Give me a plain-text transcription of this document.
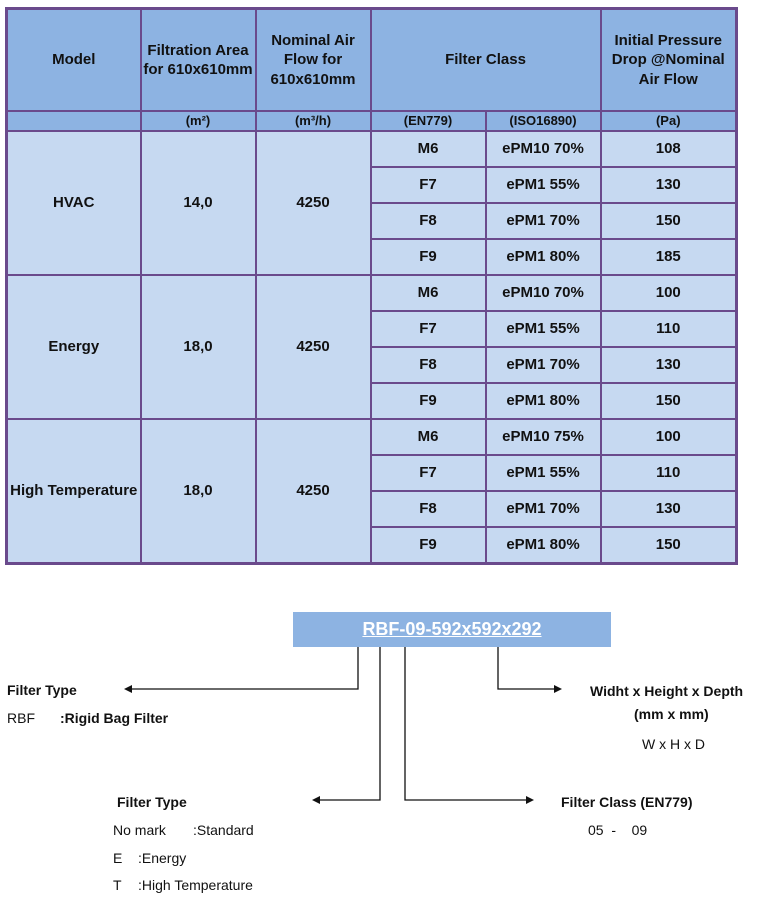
Model	Filtration Area for 610x610mm	Nominal Air Flow for 610x610mm	Filter Class		Initial Pressure Drop @Nominal Air Flow
	(m²)	(m³/h)	(EN779)	(ISO16890)	(Pa)
HVAC	14,0	4250	M6	ePM10 70%	108
			F7	ePM1 55%	130
			F8	ePM1 70%	150
			F9	ePM1 80%	185
Energy	18,0	4250	M6	ePM10 70%	100
			F7	ePM1 55%	110
			F8	ePM1 70%	130
			F9	ePM1 80%	150
High Temperature	18,0	4250	M6	ePM10 75%	100
			F7	ePM1 55%	110
			F8	ePM1 70%	130
			F9	ePM1 80%	150
RBF-09-592x592x292
Filter Type
RBF :Rigid Bag Filter
Widht x Height x Depth
(mm x mm)
W x H x D
Filter Type
No mark :Standard
E :Energy
T :High Temperature
Filter Class (EN779)
05  -    09
